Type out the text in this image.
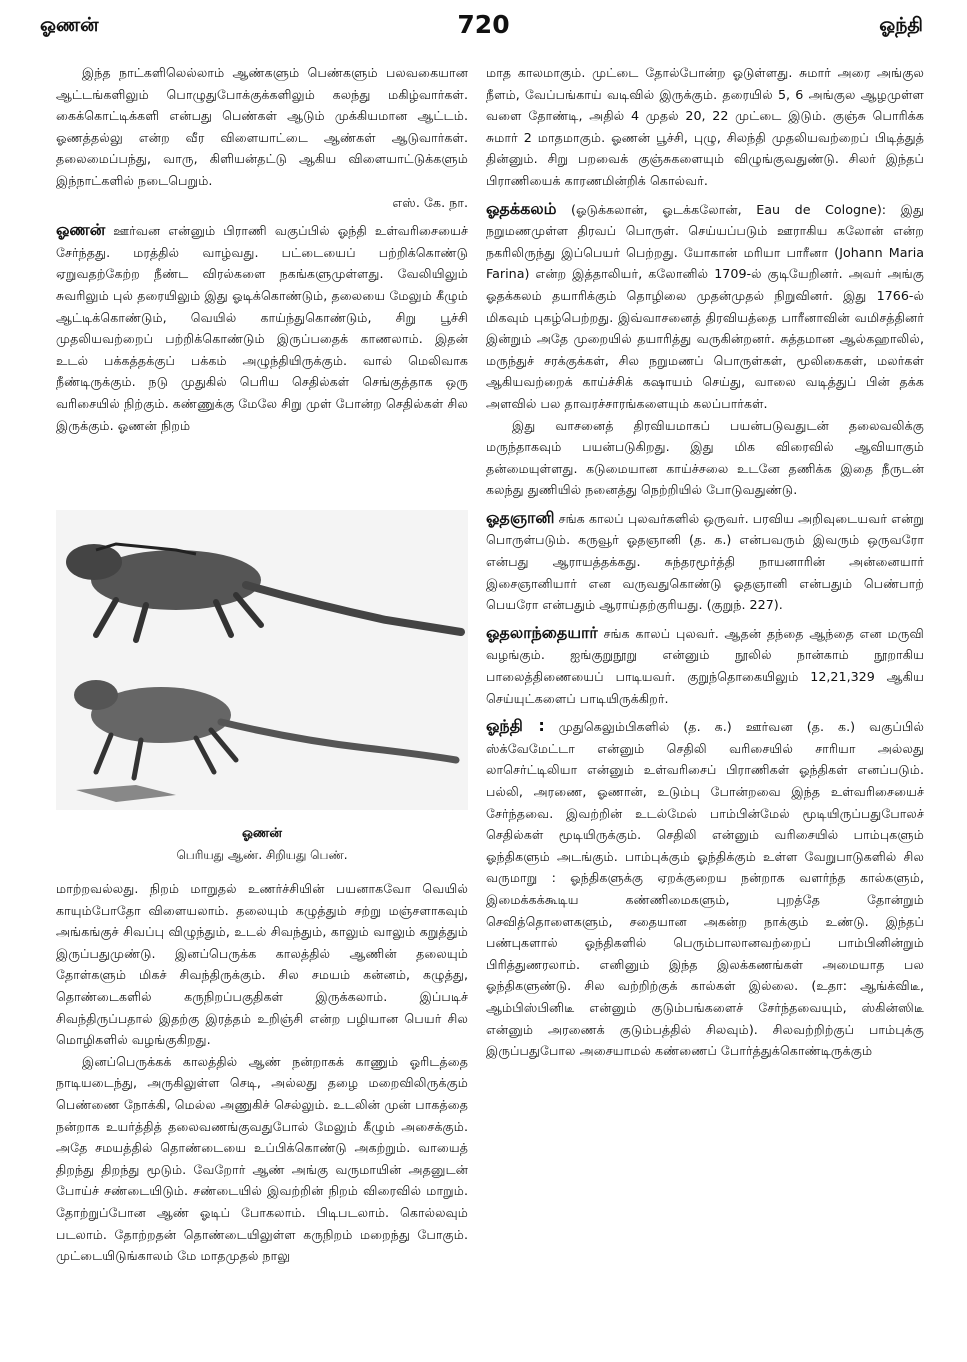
ஓணன்	720	ஓந்தி

இந்த நாட்களிலெல்லாம் ஆண்களும் பெண்களும் பலவகையான ஆட்டங்களிலும் பொழுதுபோக்குக்களிலும் கலந்து மகிழ்வார்கள். கைக்கொட்டிக்களி என்பது பெண்கள் ஆடும் முக்கியமான ஆட்டம். ஓணத்தல்லு என்ற வீர விளையாட்டை ஆண்கள் ஆடுவார்கள். தலைமைப்பந்து, வாரு, கிளியன்தட்டு ஆகிய விளையாட்டுக்களும் இந்நாட்களில் நடைபெறும்.

எஸ். கே. நா.

ஓணன் ஊர்வன என்னும் பிராணி வகுப்பில் ஓந்தி உள்வரிசையைச் சேர்ந்தது. மரத்தில் வாழ்வது. பட்டையைப் பற்றிக்கொண்டு ஏறுவதற்கேற்ற நீண்ட விரல்களை நகங்களுமுள்ளது. வேலியிலும் சுவரிலும் புல் தரையிலும் இது ஓடிக்கொண்டும், தலையை மேலும் கீழும் ஆட்டிக்கொண்டும், வெயில் காய்ந்துகொண்டும், சிறு பூச்சி முதலியவற்றைப் பற்றிக்கொண்டும் இருப்பதைக் காணலாம். இதன் உடல் பக்கத்தக்குப் பக்கம் அழுந்தியிருக்கும். வால் மெலிவாக நீண்டிருக்கும். நடு முதுகில் பெரிய செதில்கள் செங்குத்தாக ஒரு வரிசையில் நிற்கும். கண்ணுக்கு மேலே சிறு முள் போன்ற செதில்கள் சில இருக்கும். ஓணன் நிறம்

ஓணன்
பெரியது ஆண். சிறியது பெண்.

மாற்றவல்லது. நிறம் மாறுதல் உணர்ச்சியின் பயனாகவோ வெயில் காயும்போதோ விளையலாம். தலையும் கழுத்தும் சற்று மஞ்சளாகவும் அங்கங்குச் சிவப்பு விழுந்தும், உடல் சிவந்தும், காலும் வாலும் கறுத்தும் இருப்பதுமுண்டு. இனப்பெருக்க காலத்தில் ஆணின் தலையும் தோள்களும் மிகச் சிவந்திருக்கும். சில சமயம் கன்னம், கழுத்து, தொண்டைகளில் கருநிறப்பகுதிகள் இருக்கலாம். இப்படிச் சிவந்திருப்பதால் இதற்கு இரத்தம் உறிஞ்சி என்ற பழியான பெயர் சில மொழிகளில் வழங்குகிறது.

இனப்பெருக்கக் காலத்தில் ஆண் நன்றாகக் காணும் ஓரிடத்தை நாடியடைந்து, அருகிலுள்ள செடி, அல்லது தழை மறைவிலிருக்கும் பெண்ணை நோக்கி, மெல்ல அணுகிச் செல்லும். உடலின் முன் பாகத்தை நன்றாக உயர்த்தித் தலைவணங்குவதுபோல் மேலும் கீழும் அசைக்கும். அதே சமயத்தில் தொண்டையை உப்பிக்கொண்டு அகற்றும். வாயைத் திறந்து திறந்து மூடும். வேறோர் ஆண் அங்கு வருமாயின் அதனுடன் போய்ச் சண்டையிடும். சண்டையில் இவற்றின் நிறம் விரைவில் மாறும். தோற்றுப்போன ஆண் ஓடிப் போகலாம். பிடிபடலாம். கொல்லவும் படலாம். தோற்றதன் தொண்டையிலுள்ள கருநிறம் மறைந்து போகும். முட்டையிடுங்காலம் மே மாதமுதல் நாலு

மாத காலமாகும். முட்டை தோல்போன்ற ஓடுள்ளது. சுமார் அரை அங்குல நீளம், வேப்பங்காய் வடிவில் இருக்கும். தரையில் 5, 6 அங்குல ஆழமுள்ள வளை தோண்டி, அதில் 4 முதல் 20, 22 முட்டை இடும். குஞ்சு பொரிக்க சுமார் 2 மாதமாகும். ஓணன் பூச்சி, புழு, சிலந்தி முதலியவற்றைப் பிடித்துத் தின்னும். சிறு பறவைக் குஞ்சுகளையும் விழுங்குவதுண்டு. சிலர் இந்தப் பிராணியைக் காரணமின்றிக் கொல்வர்.

ஓதக்கலம் (ஓடுக்கலான், ஓடக்கலோன், Eau de Cologne): இது நறுமணமுள்ள திரவப் பொருள். செய்யப்படும் ஊராகிய கலோன் என்ற நகரிலிருந்து இப்பெயர் பெற்றது. யோகான் மரியா பாரீனா (Johann Maria Farina) என்ற இத்தாலியர், கலோனில் 1709-ல் குடியேறினர். அவர் அங்கு ஓதக்கலம் தயாரிக்கும் தொழிலை முதன்முதல் நிறுவினர். இது 1766-ல் மிகவும் புகழ்பெற்றது. இவ்வாசனைத் திரவியத்தை பாரீனாவின் வமிசத்தினர் இன்றும் அதே முறையில் தயாரித்து வருகின்றனர். சுத்தமான ஆல்கஹாலில், மருந்துச் சரக்குக்கள், சில நறுமணப் பொருள்கள், மூலிகைகள், மலர்கள் ஆகியவற்றைக் காய்ச்சிக் கஷாயம் செய்து, வாலை வடித்துப் பின் தக்க அளவில் பல தாவரச்சாரங்களையும் கலப்பார்கள்.

இது வாசனைத் திரவியமாகப் பயன்படுவதுடன் தலைவலிக்கு மருந்தாகவும் பயன்படுகிறது. இது மிக விரைவில் ஆவியாகும் தன்மையுள்ளது. கடுமையான காய்ச்சலை உடனே தணிக்க இதை நீருடன் கலந்து துணியில் நனைத்து நெற்றியில் போடுவதுண்டு.

ஓதஞானி சங்க காலப் புலவர்களில் ஒருவர். பரவிய அறிவுடையவர் என்று பொருள்படும். கருவூர் ஓதஞானி (த. க.) என்பவரும் இவரும் ஒருவரோ என்பது ஆராயத்தக்கது. சுந்தரமூர்த்தி நாயனாரின் அன்னையார் இசைஞானியார் என வருவதுகொண்டு ஓதஞானி என்பதும் பெண்பாற் பெயரோ என்பதும் ஆராய்தற்குரியது. (குறுந். 227).

ஓதலாந்தையார் சங்க காலப் புலவர். ஆதன் தந்தை ஆந்தை என மருவி வழங்கும். ஐங்குறுநூறு என்னும் நூலில் நான்காம் நூறாகிய பாலைத்திணையைப் பாடியவர். குறுந்தொகையிலும் 12,21,329 ஆகிய செய்யுட்களைப் பாடியிருக்கிறர்.

ஓந்தி : முதுகெலும்பிகளில் (த. க.) ஊர்வன (த. க.) வகுப்பில் ஸ்க்வேமேட்டா என்னும் செதிலி வரிசையில் சாரியா அல்லது லாசெர்ட்டிலியா என்னும் உள்வரிசைப் பிராணிகள் ஓந்திகள் எனப்படும். பல்லி, அரணை, ஓணான், உடும்பு போன்றவை இந்த உள்வரிசையைச் சேர்ந்தவை. இவற்றின் உடல்மேல் பாம்பின்மேல் மூடியிருப்பதுபோலச் செதில்கள் மூடியிருக்கும். செதிலி என்னும் வரிசையில் பாம்புகளும் ஓந்திகளும் அடங்கும். பாம்புக்கும் ஓந்திக்கும் உள்ள வேறுபாடுகளில் சில வருமாறு : ஓந்திகளுக்கு ஏறக்குறைய நன்றாக வளர்ந்த கால்களும், இமைக்கக்கூடிய கண்ணிமைகளும், புறத்தே தோன்றும் செவித்தொளைகளும், சதையான அகன்ற நாக்கும் உண்டு. இந்தப் பண்புகளால் ஓந்திகளில் பெரும்பாலானவற்றைப் பாம்பினின்றும் பிரித்துணரலாம். எனினும் இந்த இலக்கணங்கள் அமையாத பல ஓந்திகளுண்டு. சில வற்றிற்குக் கால்கள் இல்லை. (உதா: ஆங்க்விடீ, ஆம்பிஸ்பினிடீ என்னும் குடும்பங்களைச் சேர்ந்தவையும், ஸ்கின்ஸிடீ என்னும் அரணைக் குடும்பத்தில் சிலவும்). சிலவற்றிற்குப் பாம்புக்கு இருப்பதுபோல அசையாமல் கண்ணைப் போர்த்துக்கொண்டிருக்கும்
